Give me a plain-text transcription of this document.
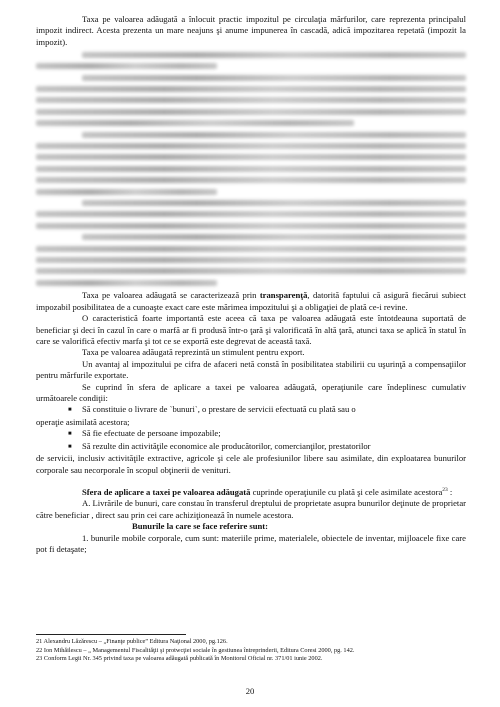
Taxa pe valoarea adăugată a înlocuit practic impozitul pe circulaţia mărfurilor, care reprezenta principalul impozit indirect. Acesta prezenta un mare neajuns şi anume impunerea în cascadă, adică impozitarea repetată (impozit la impozit).

Taxa pe valoarea adăugată se caracterizează prin transparenţă, datorită faptului că asigură fiecărui subiect impozabil posibilitatea de a cunoaşte exact care este mărimea impozitului şi a obligaţiei de plată ce-i revine.

O caracteristică foarte importantă este aceea că taxa pe valoarea adăugată este întotdeauna suportată de beneficiar şi deci în cazul în care o marfă ar fi produsă într-o ţară şi valorificată în altă ţară, atunci taxa se aplică în statul în care se valorifică efectiv marfa şi tot ce se exportă este degrevat de această taxă.

Taxa pe valoarea adăugată reprezintă un stimulent pentru export.

Un avantaj al impozitului pe cifra de afaceri netă constă în posibilitatea stabilirii cu uşurinţă a compensaţiilor pentru mărfurile exportate.

Se cuprind în sfera de aplicare a taxei pe valoarea adăugată, operaţiunile care îndeplinesc cumulativ următoarele condiţii:

■ Să constituie o livrare de `bunuri`, o prestare de servicii efectuată cu plată sau o

operaţie asimilată acestora;

■ Să fie efectuate de persoane impozabile;

■ Să rezulte din activităţile economice ale producătorilor, comercianţilor, prestatorilor

de servicii, inclusiv activităţile extractive, agricole şi cele ale profesiunilor libere sau asimilate, din exploatarea bunurilor corporale sau necorporale în scopul obţinerii de venituri.

Sfera de aplicare a taxei pe valoarea adăugată cuprinde operaţiunile cu plată şi cele asimilate acestora$^{23}$ :

A. Livrările de bunuri, care constau în transferul dreptului de proprietate asupra bunurilor deţinute de proprietar către beneficiar , direct sau prin cei care achiziţionează în numele acestora.

Bunurile la care se face referire sunt:

1. bunurile mobile corporale, cum sunt: materiile prime, materialele, obiectele de inventar, mijloacele fixe care pot fi detaşate;

21 Alexandru Lăzărescu – „Finanţe publice” Editura Naţional 2000, pg.126.
22 Ion Mihăilescu – „ Managementul Fiscalităţii şi protwcţiei sociale în gestiunea întreprinderii, Editura Coresi 2000, pg. 142.
23 Conform Legii Nr. 345 privind taxa pe valoarea adăugată publicată în Monitorul Oficial nr. 371/01 iunie 2002.
20
